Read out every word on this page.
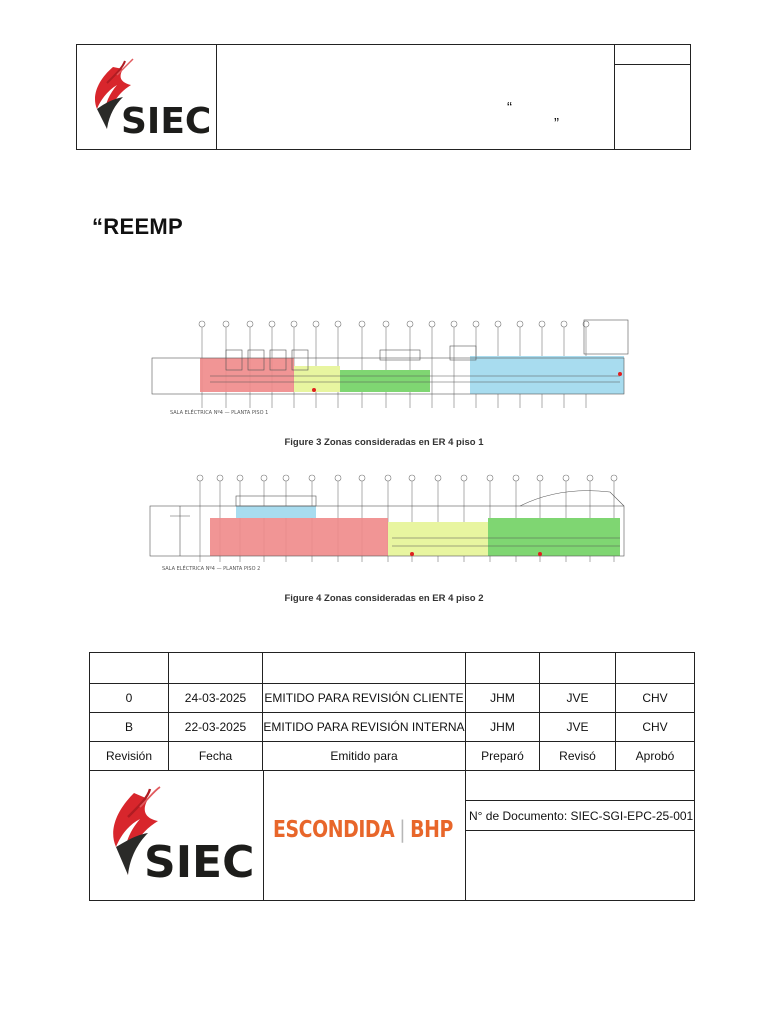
SIEC	“
”
“REEMP
SALA ELÉCTRICA Nº4 — PLANTA PISO 1
Figure 3 Zonas consideradas en ER 4 piso 1
SALA ELÉCTRICA Nº4 — PLANTA PISO 2
Figure 4 Zonas consideradas en ER 4 piso 2

0	24-03-2025	EMITIDO PARA REVISIÓN CLIENTE	JHM	JVE	CHV
B	22-03-2025	EMITIDO PARA REVISIÓN INTERNA	JHM	JVE	CHV
Revisión	Fecha	Emitido para	Preparó	Revisó	Aprobó
SIEC
ESCONDIDA | BHP
N° de Documento: SIEC-SGI-EPC-25-001
